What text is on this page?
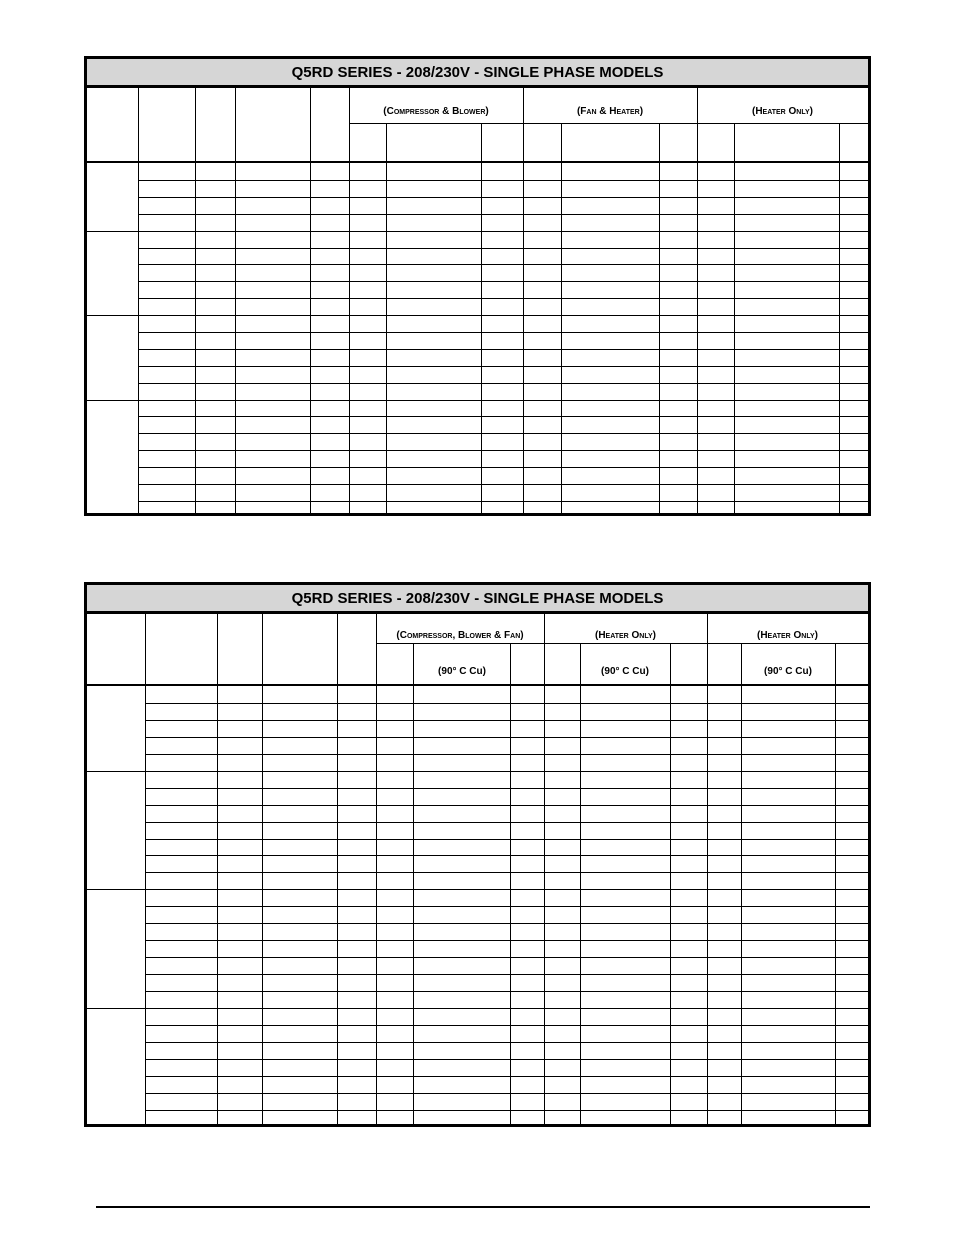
Q5RD SERIES - 208/230V - SINGLE PHASE MODELS
(Compressor & Blower)	(Fan & Heater)	(Heater Only)
Q5RD SERIES - 208/230V - SINGLE PHASE MODELS
(Compressor, Blower & Fan)	(Heater Only)	(Heater Only)
(90° C Cu)	(90° C Cu)	(90° C Cu)
